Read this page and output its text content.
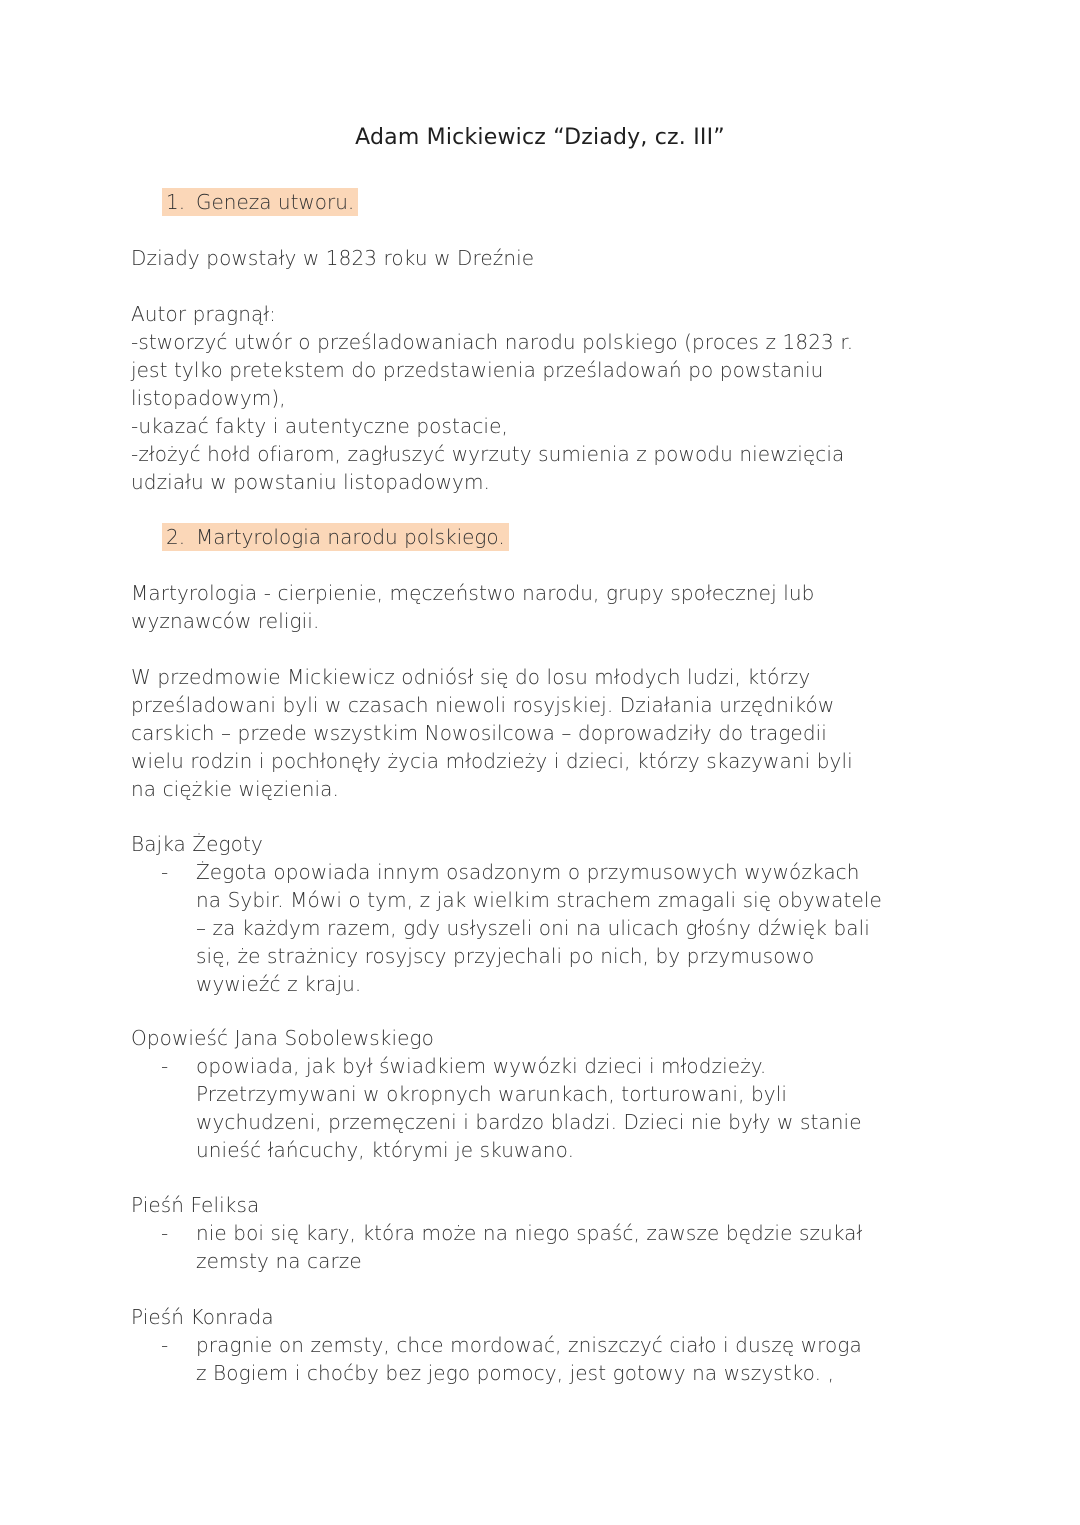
Adam Mickiewicz “Dziady, cz. III”
1. Geneza utworu.

Dziady powstały w 1823 roku w Dreźnie

Autor pragnął:

-stworzyć utwór o prześladowaniach narodu polskiego (proces z 1823 r.

jest tylko pretekstem do przedstawienia prześladowań po powstaniu

listopadowym),

-ukazać fakty i autentyczne postacie,

-złożyć hołd ofiarom, zagłuszyć wyrzuty sumienia z powodu niewzięcia

udziału w powstaniu listopadowym.

2. Martyrologia narodu polskiego.

Martyrologia - cierpienie, męczeństwo narodu, grupy społecznej lub

wyznawców religii.

W przedmowie Mickiewicz odniósł się do losu młodych ludzi, którzy

prześladowani byli w czasach niewoli rosyjskiej. Działania urzędników

carskich – przede wszystkim Nowosilcowa – doprowadziły do tragedii

wielu rodzin i pochłonęły życia młodzieży i dzieci, którzy skazywani byli

na ciężkie więzienia.

Bajka Żegoty

- Żegota opowiada innym osadzonym o przymusowych wywózkach

na Sybir. Mówi o tym, z jak wielkim strachem zmagali się obywatele

– za każdym razem, gdy usłyszeli oni na ulicach głośny dźwięk bali

się, że strażnicy rosyjscy przyjechali po nich, by przymusowo

wywieźć z kraju.

Opowieść Jana Sobolewskiego

- opowiada, jak był świadkiem wywózki dzieci i młodzieży.

Przetrzymywani w okropnych warunkach, torturowani, byli

wychudzeni, przemęczeni i bardzo bladzi. Dzieci nie były w stanie

unieść łańcuchy, którymi je skuwano.

Pieśń Feliksa

- nie boi się kary, która może na niego spaść, zawsze będzie szukał

zemsty na carze

Pieśń Konrada

- pragnie on zemsty, chce mordować, zniszczyć ciało i duszę wroga

z Bogiem i choćby bez jego pomocy, jest gotowy na wszystko. ,
